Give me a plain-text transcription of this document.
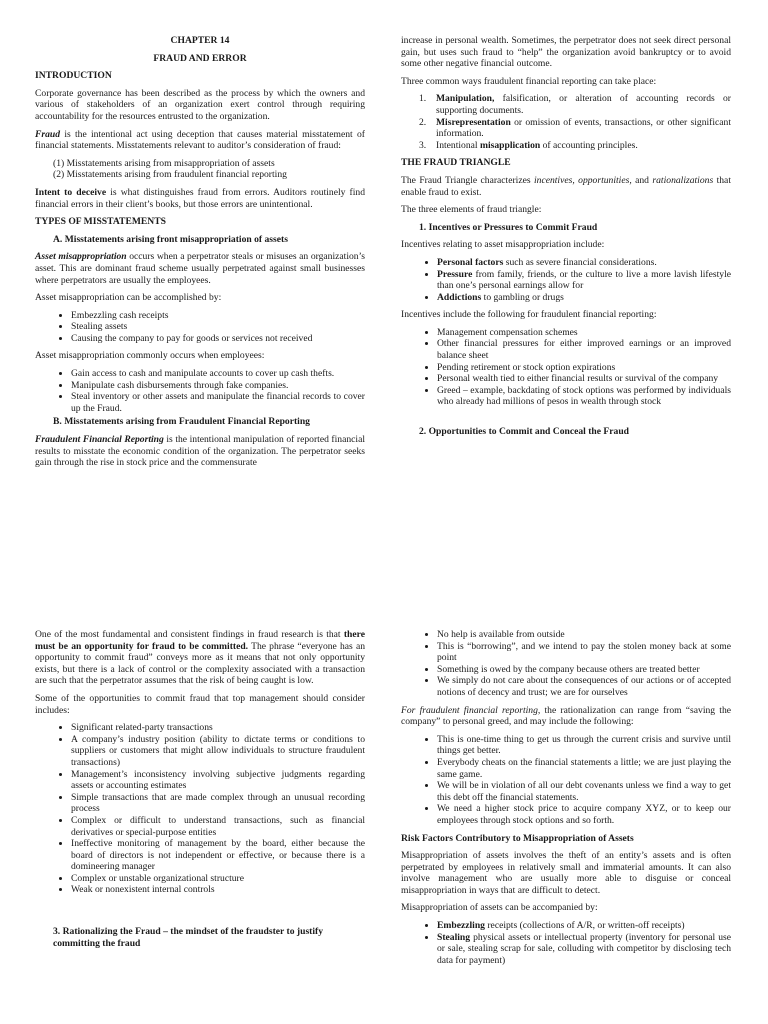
CHAPTER 14
FRAUD AND ERROR
INTRODUCTION

Corporate governance has been described as the process by which the owners and various of stakeholders of an organization exert control through requiring accountability for the resources entrusted to the organization.

Fraud is the intentional act using deception that causes material misstatement of financial statements. Misstatements relevant to auditor’s consideration of fraud:

(1) Misstatements arising from misappropriation of assets
(2) Misstatements arising from fraudulent financial reporting

Intent to deceive is what distinguishes fraud from errors. Auditors routinely find financial errors in their client’s books, but those errors are unintentional.

TYPES OF MISSTATEMENTS
A. Misstatements arising front misappropriation of assets

Asset misappropriation occurs when a perpetrator steals or misuses an organization’s asset. This are dominant fraud scheme usually perpetrated against small businesses where perpetrators are usually the employees.

Asset misappropriation can be accomplished by:

• Embezzling cash receipts
• Stealing assets
• Causing the company to pay for goods or services not received

Asset misappropriation commonly occurs when employees:

• Gain access to cash and manipulate accounts to cover up cash thefts.
• Manipulate cash disbursements through fake companies.
• Steal inventory or other assets and manipulate the financial records to cover up the Fraud.
B. Misstatements arising from Fraudulent Financial Reporting

Fraudulent Financial Reporting is the intentional manipulation of reported financial results to misstate the economic condition of the organization. The perpetrator seeks gain through the rise in stock price and the commensurate

increase in personal wealth. Sometimes, the perpetrator does not seek direct personal gain, but uses such fraud to “help” the organization avoid bankruptcy or to avoid some other negative financial outcome.

Three common ways fraudulent financial reporting can take place:

1.	Manipulation, falsification, or alteration of accounting records or supporting documents.
2.	Misrepresentation or omission of events, transactions, or other significant information.
3.	Intentional misapplication of accounting principles.
THE FRAUD TRIANGLE

The Fraud Triangle characterizes incentives, opportunities, and rationalizations that enable fraud to exist.

The three elements of fraud triangle:

1. Incentives or Pressures to Commit Fraud

Incentives relating to asset misappropriation include:

• Personal factors such as severe financial considerations.
• Pressure from family, friends, or the culture to live a more lavish lifestyle than one’s personal earnings allow for
• Addictions to gambling or drugs

Incentives include the following for fraudulent financial reporting:

• Management compensation schemes
• Other financial pressures for either improved earnings or an improved balance sheet
• Pending retirement or stock option expirations
• Personal wealth tied to either financial results or survival of the company
• Greed – example, backdating of stock options was performed by individuals who already had millions of pesos in wealth through stock
2. Opportunities to Commit and Conceal the Fraud

One of the most fundamental and consistent findings in fraud research is that there must be an opportunity for fraud to be committed. The phrase “everyone has an opportunity to commit fraud” conveys more as it means that not only opportunity exists, but there is a lack of control or the complexity associated with a transaction are such that the perpetrator assumes that the risk of being caught is low.

Some of the opportunities to commit fraud that top management should consider includes:

• Significant related-party transactions
• A company’s industry position (ability to dictate terms or conditions to suppliers or customers that might allow individuals to structure fraudulent transactions)
• Management’s inconsistency involving subjective judgments regarding assets or accounting estimates
• Simple transactions that are made complex through an unusual recording process
• Complex or difficult to understand transactions, such as financial derivatives or special-purpose entities
• Ineffective monitoring of management by the board, either because the board of directors is not independent or effective, or because there is a domineering manager
• Complex or unstable organizational structure
• Weak or nonexistent internal controls
3. Rationalizing the Fraud – the mindset of the fraudster to justify committing the fraud
• No help is available from outside
• This is “borrowing”, and we intend to pay the stolen money back at some point
• Something is owed by the company because others are treated better
• We simply do not care about the consequences of our actions or of accepted notions of decency and trust; we are for ourselves

For fraudulent financial reporting, the rationalization can range from “saving the company” to personal greed, and may include the following:

• This is one-time thing to get us through the current crisis and survive until things get better.
• Everybody cheats on the financial statements a little; we are just playing the same game.
• We will be in violation of all our debt covenants unless we find a way to get this debt off the financial statements.
• We need a higher stock price to acquire company XYZ, or to keep our employees through stock options and so forth.
Risk Factors Contributory to Misappropriation of Assets

Misappropriation of assets involves the theft of an entity’s assets and is often perpetrated by employees in relatively small and immaterial amounts. It can also involve management who are usually more able to disguise or conceal misappropriation in ways that are difficult to detect.

Misappropriation of assets can be accompanied by:

• Embezzling receipts (collections of A/R, or written-off receipts)
• Stealing physical assets or intellectual property (inventory for personal use or sale, stealing scrap for sale, colluding with competitor by disclosing tech data for payment)
